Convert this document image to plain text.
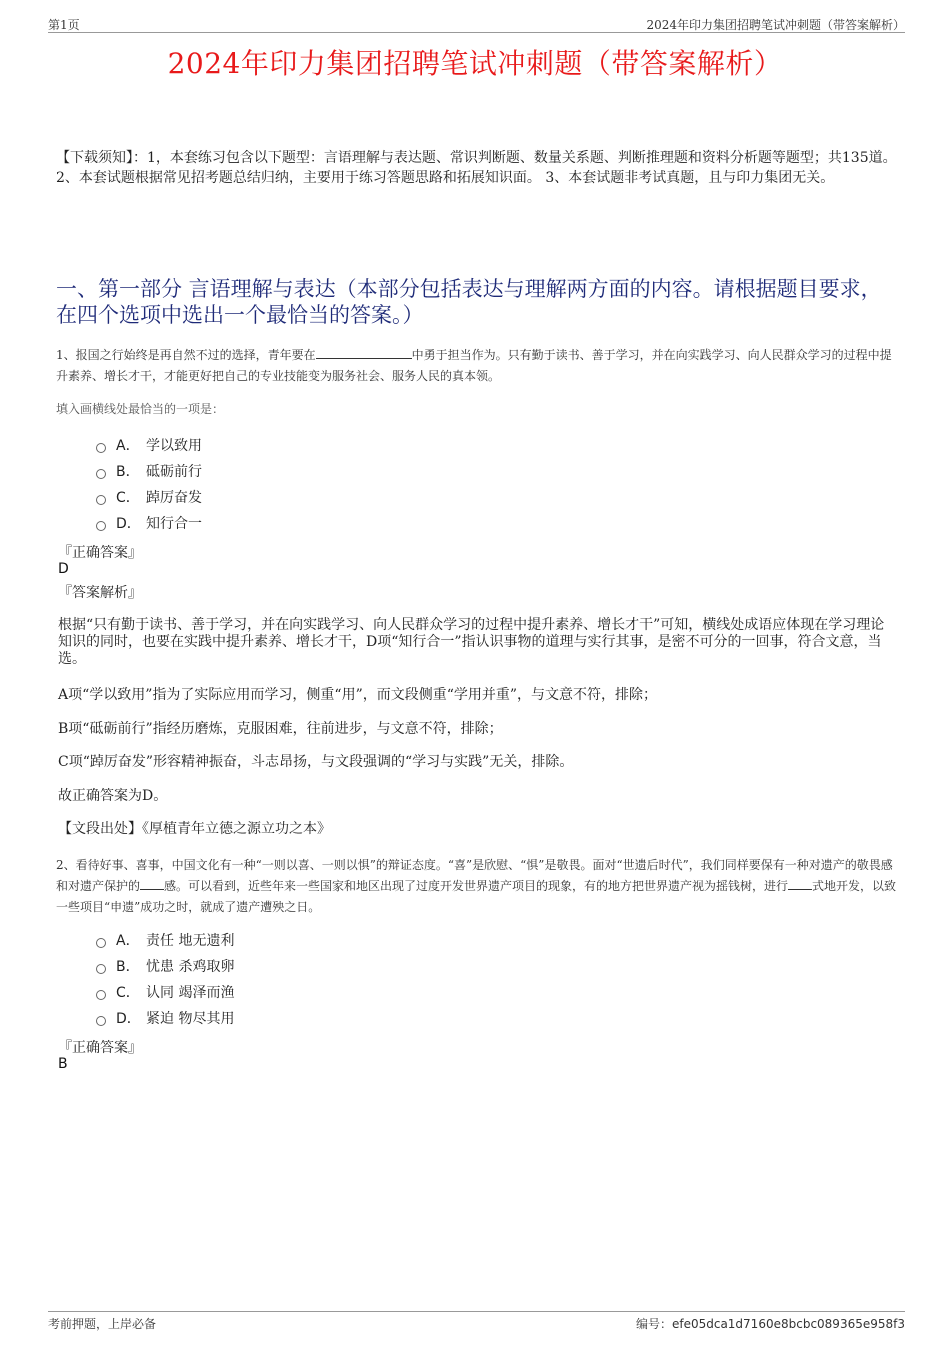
第1页	2024年印力集团招聘笔试冲刺题（带答案解析）
2024年印力集团招聘笔试冲刺题（带答案解析）
【下载须知】：1，本套练习包含以下题型：言语理解与表达题、常识判断题、数量关系题、判断推理题和资料分析题等题型；共135道。 2、本套试题根据常见招考题总结归纳，主要用于练习答题思路和拓展知识面。 3、本套试题非考试真题，且与印力集团无关。
一、第一部分 言语理解与表达（本部分包括表达与理解两方面的内容。请根据题目要求，在四个选项中选出一个最恰当的答案。）
1、报国之行始终是再自然不过的选择，青年要在	中勇于担当作为。只有勤于读书、善于学习，并在向实践学习、向人民群众学习的过程中提升素养、增长才干，才能更好把自己的专业技能变为服务社会、服务人民的真本领。
填入画横线处最恰当的一项是：
A． 学以致用
B． 砥砺前行
C． 踔厉奋发
D． 知行合一
『正确答案』
D
『答案解析』
根据“只有勤于读书、善于学习，并在向实践学习、向人民群众学习的过程中提升素养、增长才干”可知，横线处成语应体现在学习理论知识的同时，也要在实践中提升素养、增长才干，D项“知行合一”指认识事物的道理与实行其事，是密不可分的一回事，符合文意，当选。
A项“学以致用”指为了实际应用而学习，侧重“用”，而文段侧重“学用并重”，与文意不符，排除；
B项“砥砺前行”指经历磨炼，克服困难，往前进步，与文意不符，排除；
C项“踔厉奋发”形容精神振奋，斗志昂扬，与文段强调的“学习与实践”无关，排除。
故正确答案为D。
【文段出处】《厚植青年立德之源立功之本》
2、看待好事、喜事，中国文化有一种“一则以喜、一则以惧”的辩证态度。“喜”是欣慰、“惧”是敬畏。面对“世遗后时代”，我们同样要保有一种对遗产的敬畏感和对遗产保护的 感。可以看到，近些年来一些国家和地区出现了过度开发世界遗产项目的现象，有的地方把世界遗产视为摇钱树，进行 式地开发，以致一些项目“申遗”成功之时，就成了遗产遭殃之日。
A． 责任 地无遗利
B． 忧患 杀鸡取卵
C． 认同 竭泽而渔
D． 紧迫 物尽其用
『正确答案』
B
考前押题，上岸必备	编号：efe05dca1d7160e8bcbc089365e958f3
